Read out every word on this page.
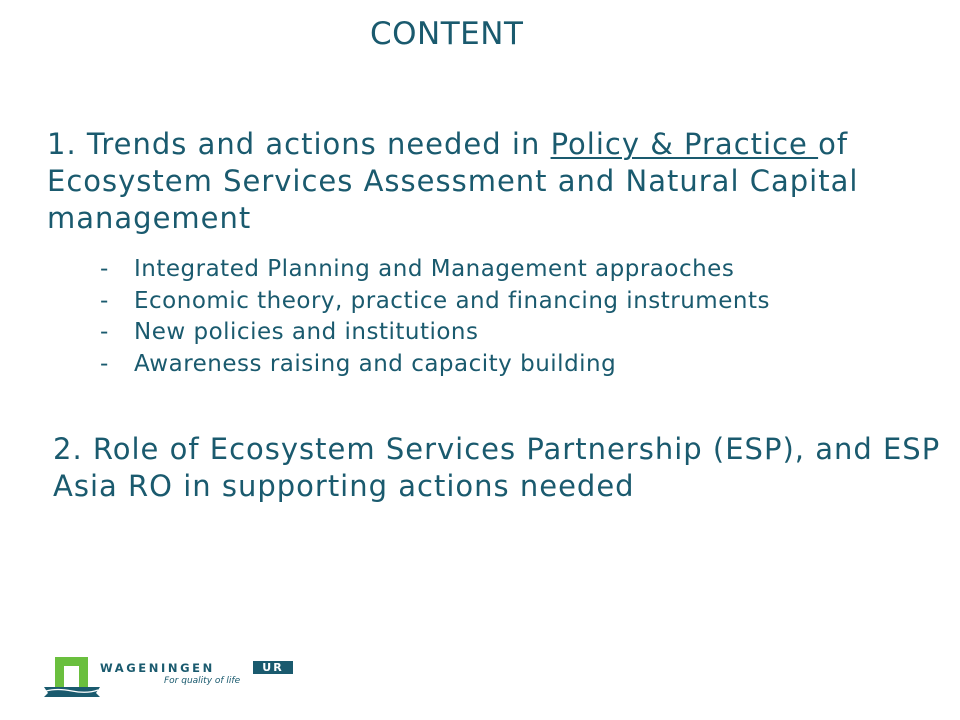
CONTENT

1. Trends and actions needed in Policy & Practice of Ecosystem Services Assessment and Natural Capital management

-	Integrated Planning and Management appraoches
-	Economic theory, practice and financing instruments
-	New policies and institutions
-	Awareness raising and capacity building

2. Role of Ecosystem Services Partnership (ESP), and ESP Asia RO in supporting actions needed

WAGENINGEN	UR
For quality of life
